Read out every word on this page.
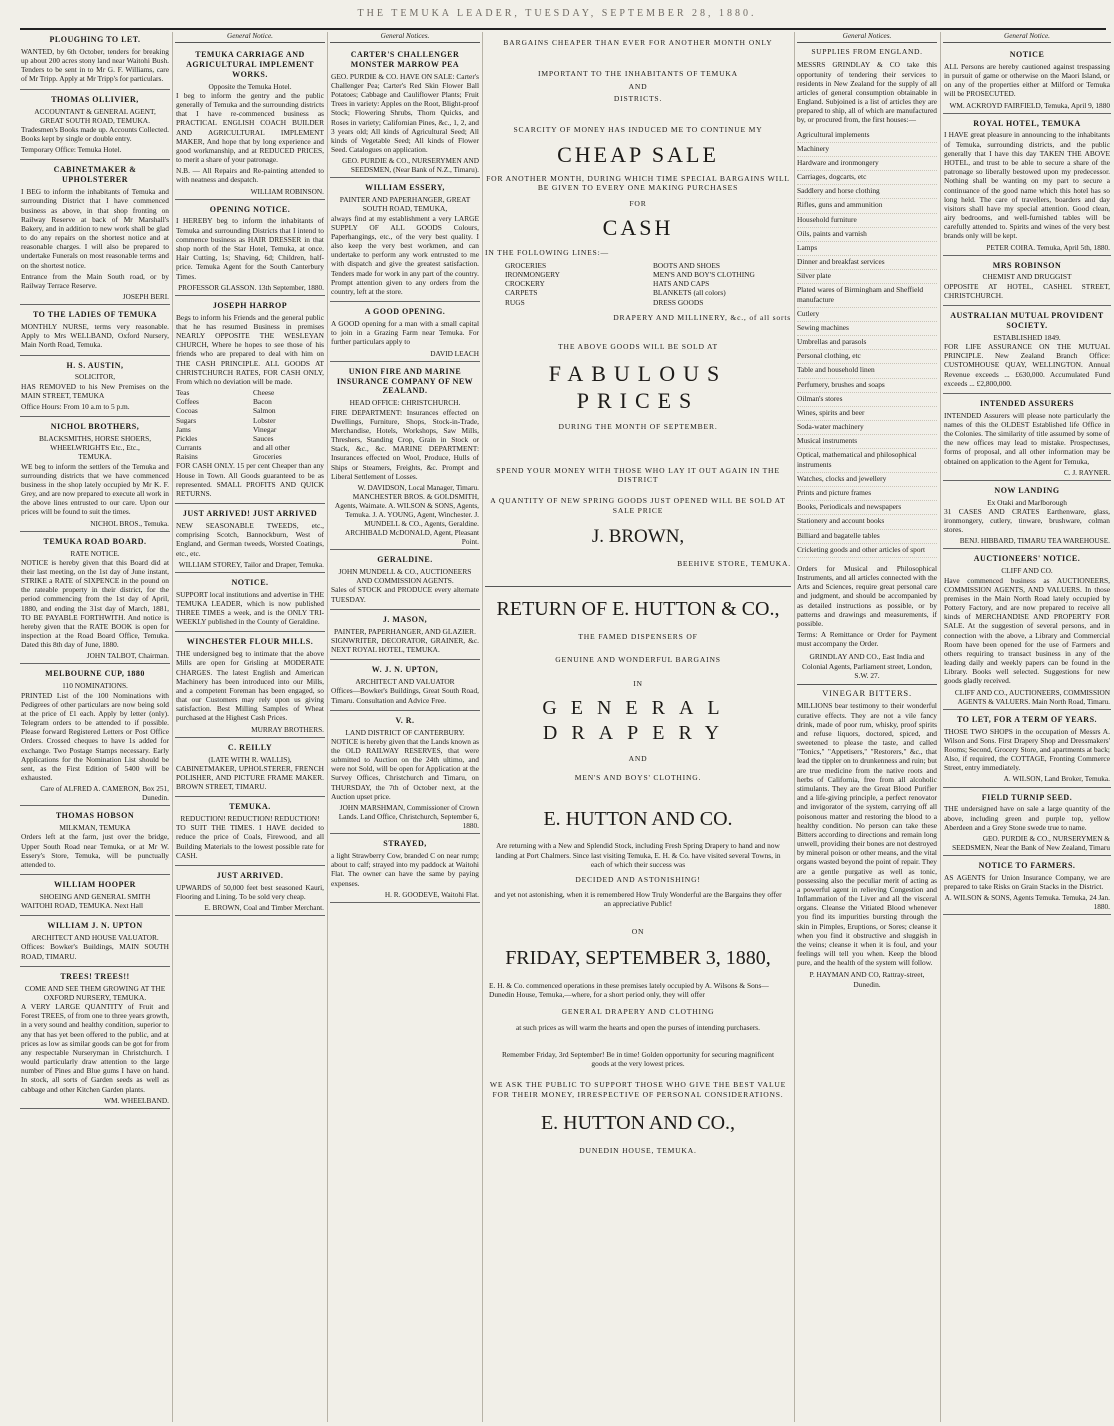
THE TEMUKA LEADER, TUESDAY, SEPTEMBER 28, 1880.
PLOUGHING TO LET.

WANTED, by 6th October, tenders for breaking up about 200 acres stony land near Waitohi Bush. Tenders to be sent in to Mr G. F. Williams, care of Mr Tripp. Apply at Mr Tripp's for particulars.

THOMAS OLLIVIER,
ACCOUNTANT & GENERAL AGENT,
GREAT SOUTH ROAD, TEMUKA.

Tradesmen's Books made up. Accounts Collected. Books kept by single or double entry.

Temporary Office: Temuka Hotel.

CABINETMAKER & UPHOLSTERER

I BEG to inform the inhabitants of Temuka and surrounding District that I have commenced business as above, in that shop fronting on Railway Reserve at back of Mr Marshall's Bakery, and in addition to new work shall be glad to do any repairs on the shortest notice and at reasonable charges. I will also be prepared to undertake Funerals on most reasonable terms and on the shortest notice.

Entrance from the Main South road, or by Railway Terrace Reserve.

JOSEPH BERI.
TO THE LADIES OF TEMUKA

MONTHLY NURSE, terms very reasonable. Apply to Mrs WELLBAND, Oxford Nursery, Main North Road, Temuka.

H. S. AUSTIN,
SOLICITOR,

HAS REMOVED to his New Premises on the MAIN STREET, TEMUKA

Office Hours: From 10 a.m to 5 p.m.

NICHOL BROTHERS,
BLACKSMITHS, HORSE SHOERS, WHEELWRIGHTS Etc., Etc.,
TEMUKA.

WE beg to inform the settlers of the Temuka and surrounding districts that we have commenced business in the shop lately occupied by Mr K. F. Grey, and are now prepared to execute all work in the above lines entrusted to our care. Upon our prices will be found to suit the times.

NICHOL BROS., Temuka.
TEMUKA ROAD BOARD.
RATE NOTICE.

NOTICE is hereby given that this Board did at their last meeting, on the 1st day of June instant, STRIKE a RATE of SIXPENCE in the pound on the rateable property in their district, for the period commencing from the 1st day of April, 1880, and ending the 31st day of March, 1881, TO BE PAYABLE FORTHWITH. And notice is hereby given that the RATE BOOK is open for inspection at the Road Board Office, Temuka. Dated this 8th day of June, 1880.

JOHN TALBOT, Chairman.
MELBOURNE CUP, 1880
110 NOMINATIONS.

PRINTED List of the 100 Nominations with Pedigrees of other particulars are now being sold at the price of £1 each. Apply by letter (only). Telegram orders to be attended to if possible. Please forward Registered Letters or Post Office Orders. Crossed cheques to have 1s added for exchange. Two Postage Stamps necessary. Early Applications for the Nomination List should be sent, as the First Edition of 5400 will be exhausted.

Care of ALFRED A. CAMERON, Box 251, Dunedin.
THOMAS HOBSON
MILKMAN, TEMUKA

Orders left at the farm, just over the bridge, Upper South Road near Temuka, or at Mr W. Essery's Store, Temuka, will be punctually attended to.

WILLIAM HOOPER
SHOEING AND GENERAL SMITH

WAITOHI ROAD, TEMUKA. Next Hall

WILLIAM J. N. UPTON
ARCHITECT AND HOUSE VALUATOR.

Offices: Bowker's Buildings, MAIN SOUTH ROAD, TIMARU.

TREES! TREES!!
COME AND SEE THEM GROWING AT THE OXFORD NURSERY, TEMUKA.

A VERY LARGE QUANTITY of Fruit and Forest TREES, of from one to three years growth, in a very sound and healthy condition, superior to any that has yet been offered to the public, and at prices as low as similar goods can be got for from any respectable Nurseryman in Christchurch. I would particularly draw attention to the large number of Pines and Blue gums I have on hand. In stock, all sorts of Garden seeds as well as cabbage and other Kitchen Garden plants.

WM. WHEELBAND.
General Notice.
TEMUKA CARRIAGE AND AGRICULTURAL IMPLEMENT WORKS.
Opposite the Temuka Hotel.

I beg to inform the gentry and the public generally of Temuka and the surrounding districts that I have re-commenced business as PRACTICAL ENGLISH COACH BUILDER AND AGRICULTURAL IMPLEMENT MAKER, And hope that by long experience and good workmanship, and at REDUCED PRICES, to merit a share of your patronage.

N.B. — All Repairs and Re-painting attended to with neatness and despatch.

WILLIAM ROBINSON.
OPENING NOTICE.

I HEREBY beg to inform the inhabitants of Temuka and surrounding Districts that I intend to commence business as HAIR DRESSER in that shop north of the Star Hotel, Temuka, at once. Hair Cutting, 1s; Shaving, 6d; Children, half-price. Temuka Agent for the South Canterbury Times.

PROFESSOR GLASSON. 13th September, 1880.
JOSEPH HARROP

Begs to inform his Friends and the general public that he has resumed Business in premises NEARLY OPPOSITE THE WESLEYAN CHURCH, Where he hopes to see those of his friends who are prepared to deal with him on THE CASH PRINCIPLE. ALL GOODS AT CHRISTCHURCH RATES, FOR CASH ONLY, From which no deviation will be made.

Teas	Cheese
Coffees	Bacon
Cocoas	Salmon
Sugars	Lobster
Jams	Vinegar
Pickles	Sauces
Currants	and all other
Raisins	Groceries

FOR CASH ONLY. 15 per cent Cheaper than any House in Town. All Goods guaranteed to be as represented. SMALL PROFITS AND QUICK RETURNS.

JUST ARRIVED! JUST ARRIVED

NEW SEASONABLE TWEEDS, etc., comprising Scotch, Bannockburn, West of England, and German tweeds, Worsted Coatings, etc., etc.

WILLIAM STOREY, Tailor and Draper, Temuka.
NOTICE.

SUPPORT local institutions and advertise in THE TEMUKA LEADER, which is now published THREE TIMES a week, and is the ONLY TRI-WEEKLY published in the County of Geraldine.

WINCHESTER FLOUR MILLS.

THE undersigned beg to intimate that the above Mills are open for Grisling at MODERATE CHARGES. The latest English and American Machinery has been introduced into our Mills, and a competent Foreman has been engaged, so that our Customers may rely upon us giving satisfaction. Best Milling Samples of Wheat purchased at the Highest Cash Prices.

MURRAY BROTHERS.
C. REILLY
(LATE WITH R. WALLIS),

CABINETMAKER, UPHOLSTERER, FRENCH POLISHER, AND PICTURE FRAME MAKER. BROWN STREET, TIMARU.

TEMUKA.
REDUCTION! REDUCTION! REDUCTION!

TO SUIT THE TIMES. I HAVE decided to reduce the price of Coals, Firewood, and all Building Materials to the lowest possible rate for CASH.

JUST ARRIVED.

UPWARDS of 50,000 feet best seasoned Kauri, Flooring and Lining. To be sold very cheap.

E. BROWN, Coal and Timber Merchant.
General Notices.
CARTER'S CHALLENGER MONSTER MARROW PEA

GEO. PURDIE & CO. HAVE ON SALE: Carter's Challenger Pea; Carter's Red Skin Flower Ball Potatoes; Cabbage and Cauliflower Plants; Fruit Trees in variety: Apples on the Root, Blight-proof Stock; Flowering Shrubs, Thorn Quicks, and Roses in variety; Californian Pines, &c., 1, 2, and 3 years old; All kinds of Agricultural Seed; All kinds of Vegetable Seed; All kinds of Flower Seed. Catalogues on application.

GEO. PURDIE & CO., NURSERYMEN AND SEEDSMEN, (Near Bank of N.Z., Timaru).
WILLIAM ESSERY,
PAINTER AND PAPERHANGER, GREAT SOUTH ROAD, TEMUKA,

always find at my establishment a very LARGE SUPPLY OF ALL GOODS Colours, Paperhangings, etc., of the very best quality. I also keep the very best workmen, and can undertake to perform any work entrusted to me with dispatch and give the greatest satisfaction. Tenders made for work in any part of the country. Prompt attention given to any orders from the country, left at the store.

A GOOD OPENING.

A GOOD opening for a man with a small capital to join in a Grazing Farm near Temuka. For further particulars apply to

DAVID LEACH
UNION FIRE AND MARINE INSURANCE COMPANY OF NEW ZEALAND.
HEAD OFFICE: CHRISTCHURCH.

FIRE DEPARTMENT: Insurances effected on Dwellings, Furniture, Shops, Stock-in-Trade, Merchandise, Hotels, Workshops, Saw Mills, Threshers, Standing Crop, Grain in Stock or Stack, &c., &c. MARINE DEPARTMENT: Insurances effected on Wool, Produce, Hulls of Ships or Steamers, Freights, &c. Prompt and Liberal Settlement of Losses.

W. DAVIDSON, Local Manager, Timaru. MANCHESTER BROS. & GOLDSMITH, Agents, Waimate. A. WILSON & SONS, Agents, Temuka. J. A. YOUNG, Agent, Winchester. J. MUNDELL & CO., Agents, Geraldine. ARCHIBALD McDONALD, Agent, Pleasant Point.
GERALDINE.
JOHN MUNDELL & CO., AUCTIONEERS AND COMMISSION AGENTS.

Sales of STOCK and PRODUCE every alternate TUESDAY.

J. MASON,
PAINTER, PAPERHANGER, AND GLAZIER.

SIGNWRITER, DECORATOR, GRAINER, &c. NEXT ROYAL HOTEL, TEMUKA.

W. J. N. UPTON,
ARCHITECT AND VALUATOR

Offices—Bowker's Buildings, Great South Road, Timaru. Consultation and Advice Free.

V. R.
LAND DISTRICT OF CANTERBURY.

NOTICE is hereby given that the Lands known as the OLD RAILWAY RESERVES, that were submitted to Auction on the 24th ultimo, and were not Sold, will be open for Application at the Survey Offices, Christchurch and Timaru, on THURSDAY, the 7th of October next, at the Auction upset price.

JOHN MARSHMAN, Commissioner of Crown Lands. Land Office, Christchurch, September 6, 1880.
STRAYED,

a light Strawberry Cow, branded C on near rump; about to calf; strayed into my paddock at Waitohi Flat. The owner can have the same by paying expenses.

H. R. GOODEVE, Waitohi Flat.
BARGAINS CHEAPER THAN EVER FOR ANOTHER MONTH ONLY
IMPORTANT TO THE INHABITANTS OF TEMUKA
AND
DISTRICTS.
SCARCITY OF MONEY HAS INDUCED ME TO CONTINUE MY
CHEAP SALE
FOR ANOTHER MONTH, DURING WHICH TIME SPECIAL BARGAINS WILL BE GIVEN TO EVERY ONE MAKING PURCHASES
FOR
CASH
IN THE FOLLOWING LINES:—
GROCERIES	BOOTS AND SHOES
IRONMONGERY	MEN'S AND BOY'S CLOTHING
CROCKERY	HATS AND CAPS
CARPETS	BLANKETS (all colors)
RUGS	DRESS GOODS
DRAPERY AND MILLINERY, &c., of all sorts
THE ABOVE GOODS WILL BE SOLD AT
FABULOUS PRICES
DURING THE MONTH OF SEPTEMBER.
SPEND YOUR MONEY WITH THOSE WHO LAY IT OUT AGAIN IN THE DISTRICT
A QUANTITY OF NEW SPRING GOODS JUST OPENED WILL BE SOLD AT SALE PRICE
J. BROWN,
BEEHIVE STORE, TEMUKA.
RETURN OF E. HUTTON & CO.,
THE FAMED DISPENSERS OF
GENUINE AND WONDERFUL BARGAINS
IN
GENERAL DRAPERY
AND
MEN'S AND BOYS' CLOTHING.
E. HUTTON AND CO.
Are returning with a New and Splendid Stock, including Fresh Spring Drapery to hand and now landing at Port Chalmers. Since last visiting Temuka, E. H. & Co. have visited several Towns, in each of which their success was
DECIDED AND ASTONISHING!
and yet not astonishing, when it is remembered How Truly Wonderful are the Bargains they offer an appreciative Public!
ON
FRIDAY, SEPTEMBER 3, 1880,
E. H. & Co. commenced operations in these premises lately occupied by A. Wilsons & Sons—Dunedin House, Temuka,—where, for a short period only, they will offer
GENERAL DRAPERY AND CLOTHING
at such prices as will warm the hearts and open the purses of intending purchasers.
Remember Friday, 3rd September! Be in time! Golden opportunity for securing magnificent goods at the very lowest prices.
WE ASK THE PUBLIC TO SUPPORT THOSE WHO GIVE THE BEST VALUE FOR THEIR MONEY, IRRESPECTIVE OF PERSONAL CONSIDERATIONS.
E. HUTTON AND CO.,
DUNEDIN HOUSE, TEMUKA.
General Notices.
SUPPLIES FROM ENGLAND.

MESSRS GRINDLAY & CO take this opportunity of tendering their services to residents in New Zealand for the supply of all articles of general consumption obtainable in England. Subjoined is a list of articles they are prepared to ship, all of which are manufactured by, or procured from, the first houses:—

Agricultural implements
Machinery
Hardware and ironmongery
Carriages, dogcarts, etc
Saddlery and horse clothing
Rifles, guns and ammunition
Household furniture
Oils, paints and varnish
Lamps
Dinner and breakfast services
Silver plate
Plated wares of Birmingham and Sheffield manufacture
Cutlery
Sewing machines
Umbrellas and parasols
Personal clothing, etc
Table and household linen
Perfumery, brushes and soaps
Oilman's stores
Wines, spirits and beer
Soda-water machinery
Musical instruments
Optical, mathematical and philosophical instruments
Watches, clocks and jewellery
Prints and picture frames
Books, Periodicals and newspapers
Stationery and account books
Billiard and bagatelle tables
Cricketing goods and other articles of sport

Orders for Musical and Philosophical Instruments, and all articles connected with the Arts and Sciences, require great personal care and judgment, and should be accompanied by as detailed instructions as possible, or by patterns and drawings and measurements, if possible.

Terms: A Remittance or Order for Payment must accompany the Order.

GRINDLAY AND CO., East India and Colonial Agents, Parliament street, London, S.W. 27.

VINEGAR BITTERS.

MILLIONS bear testimony to their wonderful curative effects. They are not a vile fancy drink, made of poor rum, whisky, proof spirits and refuse liquors, doctored, spiced, and sweetened to please the taste, and called "Tonics," "Appetisers," "Restorers," &c., that lead the tippler on to drunkenness and ruin; but are true medicine from the native roots and herbs of California, free from all alcoholic stimulants. They are the Great Blood Purifier and a life-giving principle, a perfect renovator and invigorator of the system, carrying off all poisonous matter and restoring the blood to a healthy condition. No person can take these Bitters according to directions and remain long unwell, providing their bones are not destroyed by mineral poison or other means, and the vital organs wasted beyond the point of repair. They are a gentle purgative as well as tonic, possessing also the peculiar merit of acting as a powerful agent in relieving Congestion and Inflammation of the Liver and all the visceral organs. Cleanse the Vitiated Blood whenever you find its impurities bursting through the skin in Pimples, Eruptions, or Sores; cleanse it when you find it obstructive and sluggish in the veins; cleanse it when it is foul, and your feelings will tell you when. Keep the blood pure, and the health of the system will follow.

P. HAYMAN AND CO, Rattray-street, Dunedin.

General Notice.
NOTICE

ALL Persons are hereby cautioned against trespassing in pursuit of game or otherwise on the Maori Island, or on any of the properties either at Milford or Temuka will be PROSECUTED.

WM. ACKROYD FAIRFIELD, Temuka, April 9, 1880
ROYAL HOTEL, TEMUKA

I HAVE great pleasure in announcing to the inhabitants of Temuka, surrounding districts, and the public generally that I have this day TAKEN THE ABOVE HOTEL, and trust to be able to secure a share of the patronage so liberally bestowed upon my predecessor. Nothing shall be wanting on my part to secure a continuance of the good name which this hotel has so long held. The care of travellers, boarders and day visitors shall have my special attention. Good clean, airy bedrooms, and well-furnished tables will be carefully attended to. Spirits and wines of the very best brands only will be kept.

PETER COIRA. Temuka, April 5th, 1880.
MRS ROBINSON
CHEMIST AND DRUGGIST

OPPOSITE AT HOTEL, CASHEL STREET, CHRISTCHURCH.

AUSTRALIAN MUTUAL PROVIDENT SOCIETY.
ESTABLISHED 1849.

FOR LIFE ASSURANCE ON THE MUTUAL PRINCIPLE. New Zealand Branch Office: CUSTOMHOUSE QUAY, WELLINGTON. Annual Revenue exceeds ... £630,000. Accumulated Fund exceeds ... £2,800,000.

INTENDED ASSURERS

INTENDED Assurers will please note particularly the names of this the OLDEST Established life Office in the Colonies. The similarity of title assumed by some of the new offices may lead to mistake. Prospectuses, forms of proposal, and all other information may be obtained on application to the Agent for Temuka,

C. J. RAYNER.
NOW LANDING
Ex Otaki and Marlborough

31 CASES AND CRATES Earthenware, glass, ironmongery, cutlery, tinware, brushware, colman stores.

BENJ. HIBBARD, TIMARU TEA WAREHOUSE.
AUCTIONEERS' NOTICE.
CLIFF AND CO.

Have commenced business as AUCTIONEERS, COMMISSION AGENTS, AND VALUERS. In those premises in the Main North Road lately occupied by Pottery Factory, and are now prepared to receive all kinds of MERCHANDISE AND PROPERTY FOR SALE. At the suggestion of several persons, and in connection with the above, a Library and Commercial Room have been opened for the use of Farmers and others requiring to transact business in any of the leading daily and weekly papers can be found in the Library. Books well selected. Suggestions for new goods gladly received.

CLIFF AND CO., AUCTIONEERS, COMMISSION AGENTS & VALUERS. Main North Road, Timaru.
TO LET, FOR A TERM OF YEARS.

THOSE TWO SHOPS in the occupation of Messrs A. Wilson and Sons. First Drapery Shop and Dressmakers' Rooms; Second, Grocery Store, and apartments at back; Also, if required, the COTTAGE, Fronting Commerce Street, entry immediately.

A. WILSON, Land Broker, Temuka.
FIELD TURNIP SEED.

THE undersigned have on sale a large quantity of the above, including green and purple top, yellow Aberdeen and a Grey Stone swede true to name.

GEO. PURDIE & CO., NURSERYMEN & SEEDSMEN, Near the Bank of New Zealand, Timaru
NOTICE TO FARMERS.

AS AGENTS for Union Insurance Company, we are prepared to take Risks on Grain Stacks in the District.

A. WILSON & SONS, Agents Temuka. Temuka, 24 Jan. 1880.
